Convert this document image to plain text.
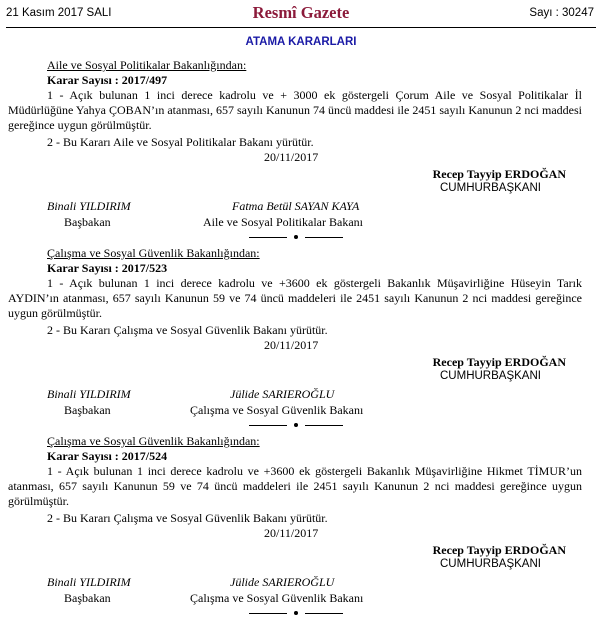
21 Kasım 2017 SALI	Resmî Gazete	Sayı : 30247
ATAMA KARARLARI
Aile ve Sosyal Politikalar Bakanlığından:
Karar Sayısı : 2017/497
1 - Açık bulunan 1 inci derece kadrolu ve + 3000 ek göstergeli Çorum Aile ve Sosyal Politikalar İl Müdürlüğüne Yahya ÇOBAN’ın atanması, 657 sayılı Kanunun 74 üncü maddesi ile 2451 sayılı Kanunun 2 nci maddesi gereğince uygun görülmüştür.
2 - Bu Kararı Aile ve Sosyal Politikalar Bakanı yürütür.
20/11/2017
Recep Tayyip ERDOĞAN
CUMHURBAŞKANI
Binali YILDIRIM	Fatma Betül SAYAN KAYA
Başbakan	Aile ve Sosyal Politikalar Bakanı
Çalışma ve Sosyal Güvenlik Bakanlığından:
Karar Sayısı : 2017/523
1 - Açık bulunan 1 inci derece kadrolu ve +3600 ek göstergeli Bakanlık Müşavirliğine Hüseyin Tarık AYDIN’ın atanması, 657 sayılı Kanunun 59 ve 74 üncü maddeleri ile 2451 sayılı Kanunun 2 nci maddesi gereğince uygun görülmüştür.
2 - Bu Kararı Çalışma ve Sosyal Güvenlik Bakanı yürütür.
20/11/2017
Recep Tayyip ERDOĞAN
CUMHURBAŞKANI
Binali YILDIRIM	Jülide SARIEROĞLU
Başbakan	Çalışma ve Sosyal Güvenlik Bakanı
Çalışma ve Sosyal Güvenlik Bakanlığından:
Karar Sayısı : 2017/524
1 - Açık bulunan 1 inci derece kadrolu ve +3600 ek göstergeli Bakanlık Müşavirliğine Hikmet TİMUR’un atanması, 657 sayılı Kanunun 59 ve 74 üncü maddeleri ile 2451 sayılı Kanunun 2 nci maddesi gereğince uygun görülmüştür.
2 - Bu Kararı Çalışma ve Sosyal Güvenlik Bakanı yürütür.
20/11/2017
Recep Tayyip ERDOĞAN
CUMHURBAŞKANI
Binali YILDIRIM	Jülide SARIEROĞLU
Başbakan	Çalışma ve Sosyal Güvenlik Bakanı
